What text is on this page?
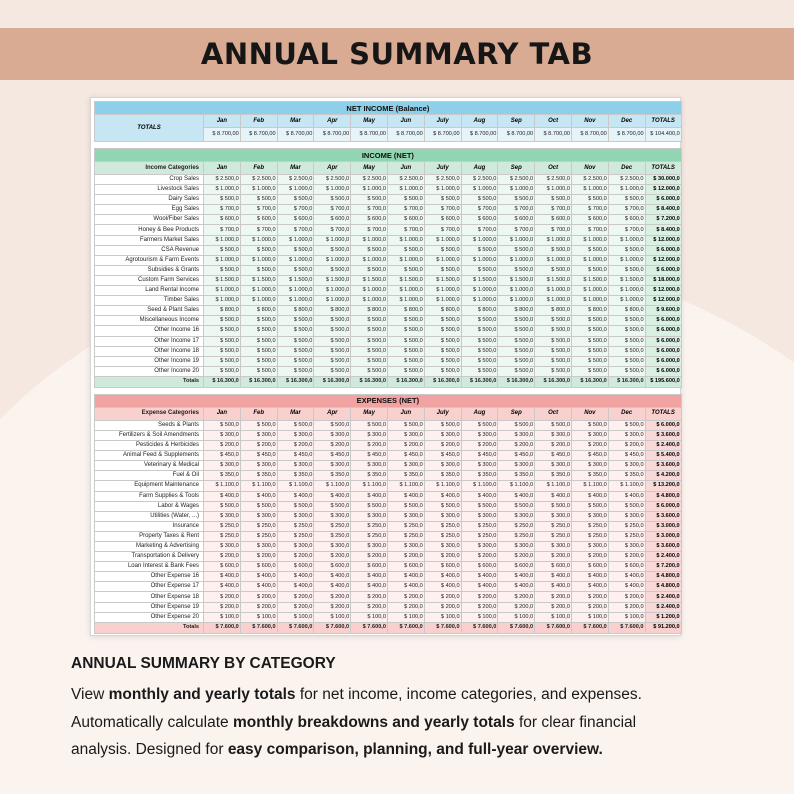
ANNUAL SUMMARY TAB
NET INCOME (Balance)													
TOTALS	Jan	Feb	Mar	Apr	May	Jun	July	Aug	Sep	Oct	Nov	Dec	TOTALS
	$ 8.700,00	$ 8.700,00	$ 8.700,00	$ 8.700,00	$ 8.700,00	$ 8.700,00	$ 8.700,00	$ 8.700,00	$ 8.700,00	$ 8.700,00	$ 8.700,00	$ 8.700,00	$ 104.400,0
INCOME (NET)													
Income Categories	Jan	Feb	Mar	Apr	May	Jun	July	Aug	Sep	Oct	Nov	Dec	TOTALS
Crop Sales	$ 2.500,0	$ 2.500,0	$ 2.500,0	$ 2.500,0	$ 2.500,0	$ 2.500,0	$ 2.500,0	$ 2.500,0	$ 2.500,0	$ 2.500,0	$ 2.500,0	$ 2.500,0	$ 30.000,0
Livestock Sales	$ 1.000,0	$ 1.000,0	$ 1.000,0	$ 1.000,0	$ 1.000,0	$ 1.000,0	$ 1.000,0	$ 1.000,0	$ 1.000,0	$ 1.000,0	$ 1.000,0	$ 1.000,0	$ 12.000,0
Dairy Sales	$ 500,0	$ 500,0	$ 500,0	$ 500,0	$ 500,0	$ 500,0	$ 500,0	$ 500,0	$ 500,0	$ 500,0	$ 500,0	$ 500,0	$ 6.000,0
Egg Sales	$ 700,0	$ 700,0	$ 700,0	$ 700,0	$ 700,0	$ 700,0	$ 700,0	$ 700,0	$ 700,0	$ 700,0	$ 700,0	$ 700,0	$ 8.400,0
Wool/Fiber Sales	$ 600,0	$ 600,0	$ 600,0	$ 600,0	$ 600,0	$ 600,0	$ 600,0	$ 600,0	$ 600,0	$ 600,0	$ 600,0	$ 600,0	$ 7.200,0
Honey & Bee Products	$ 700,0	$ 700,0	$ 700,0	$ 700,0	$ 700,0	$ 700,0	$ 700,0	$ 700,0	$ 700,0	$ 700,0	$ 700,0	$ 700,0	$ 8.400,0
Farmers Market Sales	$ 1.000,0	$ 1.000,0	$ 1.000,0	$ 1.000,0	$ 1.000,0	$ 1.000,0	$ 1.000,0	$ 1.000,0	$ 1.000,0	$ 1.000,0	$ 1.000,0	$ 1.000,0	$ 12.000,0
CSA Revenue	$ 500,0	$ 500,0	$ 500,0	$ 500,0	$ 500,0	$ 500,0	$ 500,0	$ 500,0	$ 500,0	$ 500,0	$ 500,0	$ 500,0	$ 6.000,0
Agrotourism & Farm Events	$ 1.000,0	$ 1.000,0	$ 1.000,0	$ 1.000,0	$ 1.000,0	$ 1.000,0	$ 1.000,0	$ 1.000,0	$ 1.000,0	$ 1.000,0	$ 1.000,0	$ 1.000,0	$ 12.000,0
Subsidies & Grants	$ 500,0	$ 500,0	$ 500,0	$ 500,0	$ 500,0	$ 500,0	$ 500,0	$ 500,0	$ 500,0	$ 500,0	$ 500,0	$ 500,0	$ 6.000,0
Custom Farm Services	$ 1.500,0	$ 1.500,0	$ 1.500,0	$ 1.500,0	$ 1.500,0	$ 1.500,0	$ 1.500,0	$ 1.500,0	$ 1.500,0	$ 1.500,0	$ 1.500,0	$ 1.500,0	$ 18.000,0
Land Rental Income	$ 1.000,0	$ 1.000,0	$ 1.000,0	$ 1.000,0	$ 1.000,0	$ 1.000,0	$ 1.000,0	$ 1.000,0	$ 1.000,0	$ 1.000,0	$ 1.000,0	$ 1.000,0	$ 12.000,0
Timber Sales	$ 1.000,0	$ 1.000,0	$ 1.000,0	$ 1.000,0	$ 1.000,0	$ 1.000,0	$ 1.000,0	$ 1.000,0	$ 1.000,0	$ 1.000,0	$ 1.000,0	$ 1.000,0	$ 12.000,0
Seed & Plant Sales	$ 800,0	$ 800,0	$ 800,0	$ 800,0	$ 800,0	$ 800,0	$ 800,0	$ 800,0	$ 800,0	$ 800,0	$ 800,0	$ 800,0	$ 9.600,0
Miscellaneous Income	$ 500,0	$ 500,0	$ 500,0	$ 500,0	$ 500,0	$ 500,0	$ 500,0	$ 500,0	$ 500,0	$ 500,0	$ 500,0	$ 500,0	$ 6.000,0
Other Income 16	$ 500,0	$ 500,0	$ 500,0	$ 500,0	$ 500,0	$ 500,0	$ 500,0	$ 500,0	$ 500,0	$ 500,0	$ 500,0	$ 500,0	$ 6.000,0
Other Income 17	$ 500,0	$ 500,0	$ 500,0	$ 500,0	$ 500,0	$ 500,0	$ 500,0	$ 500,0	$ 500,0	$ 500,0	$ 500,0	$ 500,0	$ 6.000,0
Other Income 18	$ 500,0	$ 500,0	$ 500,0	$ 500,0	$ 500,0	$ 500,0	$ 500,0	$ 500,0	$ 500,0	$ 500,0	$ 500,0	$ 500,0	$ 6.000,0
Other Income 19	$ 500,0	$ 500,0	$ 500,0	$ 500,0	$ 500,0	$ 500,0	$ 500,0	$ 500,0	$ 500,0	$ 500,0	$ 500,0	$ 500,0	$ 6.000,0
Other Income 20	$ 500,0	$ 500,0	$ 500,0	$ 500,0	$ 500,0	$ 500,0	$ 500,0	$ 500,0	$ 500,0	$ 500,0	$ 500,0	$ 500,0	$ 6.000,0
Totals	$ 16.300,0	$ 16.300,0	$ 16.300,0	$ 16.300,0	$ 16.300,0	$ 16.300,0	$ 16.300,0	$ 16.300,0	$ 16.300,0	$ 16.300,0	$ 16.300,0	$ 16.300,0	$ 195.600,0
EXPENSES (NET)													
Expense Categories	Jan	Feb	Mar	Apr	May	Jun	July	Aug	Sep	Oct	Nov	Dec	TOTALS
Seeds & Plants	$ 500,0	$ 500,0	$ 500,0	$ 500,0	$ 500,0	$ 500,0	$ 500,0	$ 500,0	$ 500,0	$ 500,0	$ 500,0	$ 500,0	$ 6.000,0
Fertilizers & Soil Amendments	$ 300,0	$ 300,0	$ 300,0	$ 300,0	$ 300,0	$ 300,0	$ 300,0	$ 300,0	$ 300,0	$ 300,0	$ 300,0	$ 300,0	$ 3.600,0
Pesticides & Herbicides	$ 200,0	$ 200,0	$ 200,0	$ 200,0	$ 200,0	$ 200,0	$ 200,0	$ 200,0	$ 200,0	$ 200,0	$ 200,0	$ 200,0	$ 2.400,0
Animal Feed & Supplements	$ 450,0	$ 450,0	$ 450,0	$ 450,0	$ 450,0	$ 450,0	$ 450,0	$ 450,0	$ 450,0	$ 450,0	$ 450,0	$ 450,0	$ 5.400,0
Veterinary & Medical	$ 300,0	$ 300,0	$ 300,0	$ 300,0	$ 300,0	$ 300,0	$ 300,0	$ 300,0	$ 300,0	$ 300,0	$ 300,0	$ 300,0	$ 3.600,0
Fuel & Oil	$ 350,0	$ 350,0	$ 350,0	$ 350,0	$ 350,0	$ 350,0	$ 350,0	$ 350,0	$ 350,0	$ 350,0	$ 350,0	$ 350,0	$ 4.200,0
Equipment Maintenance	$ 1.100,0	$ 1.100,0	$ 1.100,0	$ 1.100,0	$ 1.100,0	$ 1.100,0	$ 1.100,0	$ 1.100,0	$ 1.100,0	$ 1.100,0	$ 1.100,0	$ 1.100,0	$ 13.200,0
Farm Supplies & Tools	$ 400,0	$ 400,0	$ 400,0	$ 400,0	$ 400,0	$ 400,0	$ 400,0	$ 400,0	$ 400,0	$ 400,0	$ 400,0	$ 400,0	$ 4.800,0
Labor & Wages	$ 500,0	$ 500,0	$ 500,0	$ 500,0	$ 500,0	$ 500,0	$ 500,0	$ 500,0	$ 500,0	$ 500,0	$ 500,0	$ 500,0	$ 6.000,0
Utilities (Water, ...)	$ 300,0	$ 300,0	$ 300,0	$ 300,0	$ 300,0	$ 300,0	$ 300,0	$ 300,0	$ 300,0	$ 300,0	$ 300,0	$ 300,0	$ 3.600,0
Insurance	$ 250,0	$ 250,0	$ 250,0	$ 250,0	$ 250,0	$ 250,0	$ 250,0	$ 250,0	$ 250,0	$ 250,0	$ 250,0	$ 250,0	$ 3.000,0
Property Taxes & Rent	$ 250,0	$ 250,0	$ 250,0	$ 250,0	$ 250,0	$ 250,0	$ 250,0	$ 250,0	$ 250,0	$ 250,0	$ 250,0	$ 250,0	$ 3.000,0
Marketing & Advertising	$ 300,0	$ 300,0	$ 300,0	$ 300,0	$ 300,0	$ 300,0	$ 300,0	$ 300,0	$ 300,0	$ 300,0	$ 300,0	$ 300,0	$ 3.600,0
Transportation & Delivery	$ 200,0	$ 200,0	$ 200,0	$ 200,0	$ 200,0	$ 200,0	$ 200,0	$ 200,0	$ 200,0	$ 200,0	$ 200,0	$ 200,0	$ 2.400,0
Loan Interest & Bank Fees	$ 600,0	$ 600,0	$ 600,0	$ 600,0	$ 600,0	$ 600,0	$ 600,0	$ 600,0	$ 600,0	$ 600,0	$ 600,0	$ 600,0	$ 7.200,0
Other Expense 16	$ 400,0	$ 400,0	$ 400,0	$ 400,0	$ 400,0	$ 400,0	$ 400,0	$ 400,0	$ 400,0	$ 400,0	$ 400,0	$ 400,0	$ 4.800,0
Other Expense 17	$ 400,0	$ 400,0	$ 400,0	$ 400,0	$ 400,0	$ 400,0	$ 400,0	$ 400,0	$ 400,0	$ 400,0	$ 400,0	$ 400,0	$ 4.800,0
Other Expense 18	$ 200,0	$ 200,0	$ 200,0	$ 200,0	$ 200,0	$ 200,0	$ 200,0	$ 200,0	$ 200,0	$ 200,0	$ 200,0	$ 200,0	$ 2.400,0
Other Expense 19	$ 200,0	$ 200,0	$ 200,0	$ 200,0	$ 200,0	$ 200,0	$ 200,0	$ 200,0	$ 200,0	$ 200,0	$ 200,0	$ 200,0	$ 2.400,0
Other Expense 20	$ 100,0	$ 100,0	$ 100,0	$ 100,0	$ 100,0	$ 100,0	$ 100,0	$ 100,0	$ 100,0	$ 100,0	$ 100,0	$ 100,0	$ 1.200,0
Totals	$ 7.600,0	$ 7.600,0	$ 7.600,0	$ 7.600,0	$ 7.600,0	$ 7.600,0	$ 7.600,0	$ 7.600,0	$ 7.600,0	$ 7.600,0	$ 7.600,0	$ 7.600,0	$ 91.200,0
ANNUAL SUMMARY BY CATEGORY

View monthly and yearly totals for net income, income categories, and expenses.
Automatically calculate monthly breakdowns and yearly totals for clear financial
analysis. Designed for easy comparison, planning, and full-year overview.
